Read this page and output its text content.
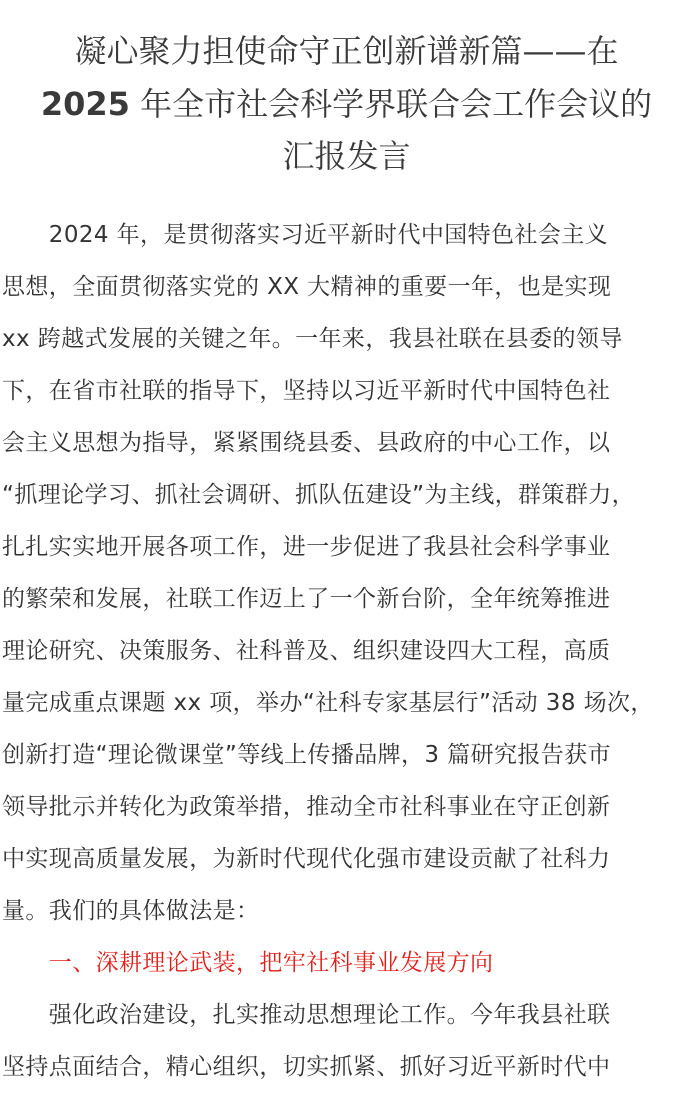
凝心聚力担使命守正创新谱新篇——在
2025 年全市社会科学界联合会工作会议的
汇报发言
　　2024 年，是贯彻落实习近平新时代中国特色社会主义
思想，全面贯彻落实党的 XX 大精神的重要一年，也是实现
xx 跨越式发展的关键之年。一年来，我县社联在县委的领导
下，在省市社联的指导下，坚持以习近平新时代中国特色社
会主义思想为指导，紧紧围绕县委、县政府的中心工作，以
“抓理论学习、抓社会调研、抓队伍建设”为主线，群策群力，
扎扎实实地开展各项工作，进一步促进了我县社会科学事业
的繁荣和发展，社联工作迈上了一个新台阶，全年统筹推进
理论研究、决策服务、社科普及、组织建设四大工程，高质
量完成重点课题 xx 项，举办“社科专家基层行”活动 38 场次，
创新打造“理论微课堂”等线上传播品牌，3 篇研究报告获市
领导批示并转化为政策举措，推动全市社科事业在守正创新
中实现高质量发展，为新时代现代化强市建设贡献了社科力
量。我们的具体做法是：
　　一、深耕理论武装，把牢社科事业发展方向
　　强化政治建设，扎实推动思想理论工作。今年我县社联
坚持点面结合，精心组织，切实抓紧、抓好习近平新时代中
